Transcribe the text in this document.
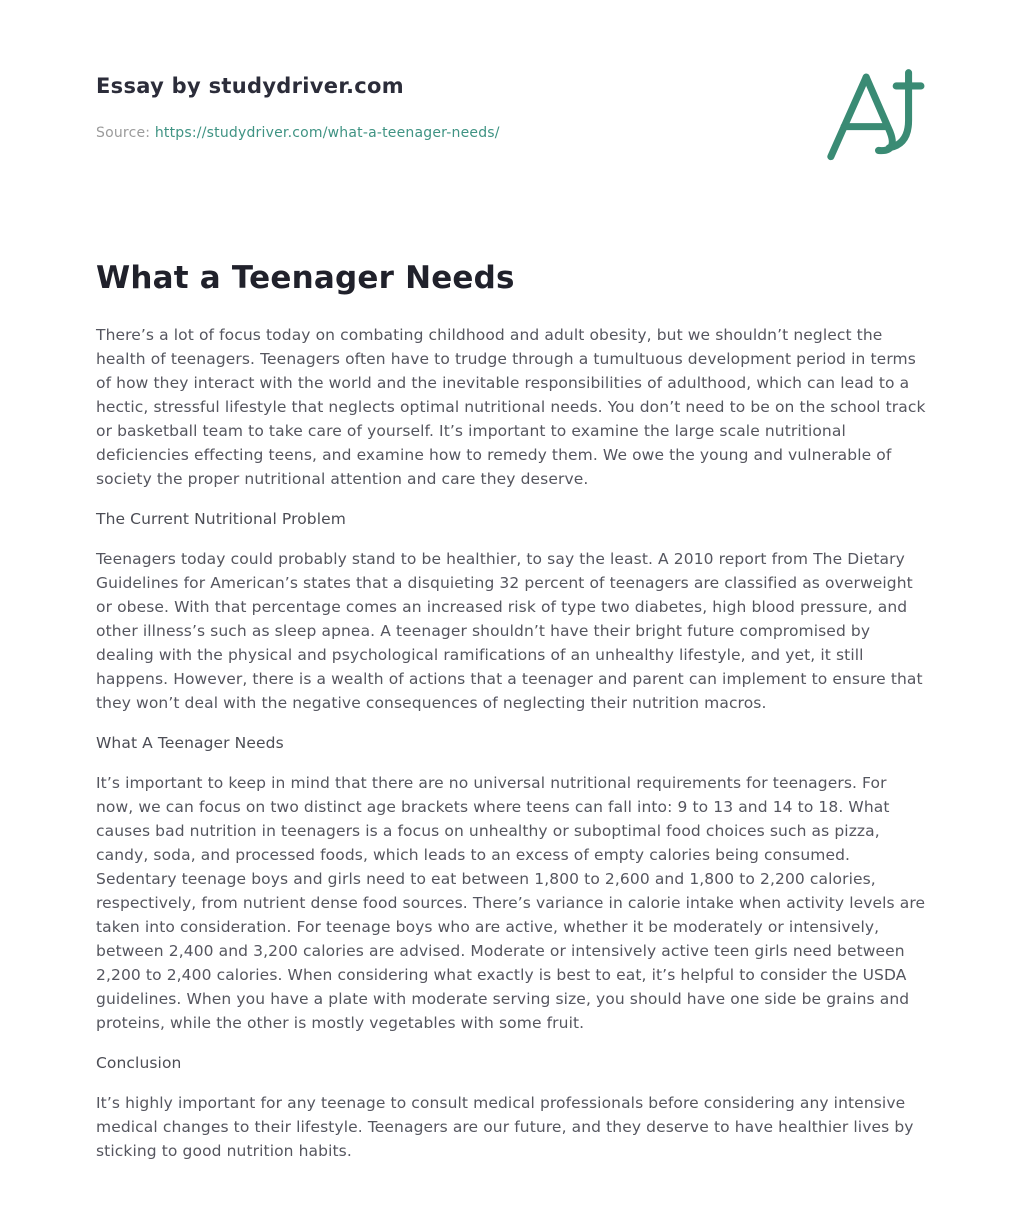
Essay by studydriver.com

Source: https://studydriver.com/what-a-teenager-needs/

What a Teenager Needs

There’s a lot of focus today on combating childhood and adult obesity, but we shouldn’t neglect the health of teenagers. Teenagers often have to trudge through a tumultuous development period in terms of how they interact with the world and the inevitable responsibilities of adulthood, which can lead to a hectic, stressful lifestyle that neglects optimal nutritional needs. You don’t need to be on the school track or basketball team to take care of yourself. It’s important to examine the large scale nutritional deficiencies effecting teens, and examine how to remedy them. We owe the young and vulnerable of society the proper nutritional attention and care they deserve.

The Current Nutritional Problem

Teenagers today could probably stand to be healthier, to say the least. A 2010 report from The Dietary Guidelines for American’s states that a disquieting 32 percent of teenagers are classified as overweight or obese. With that percentage comes an increased risk of type two diabetes, high blood pressure, and other illness’s such as sleep apnea. A teenager shouldn’t have their bright future compromised by dealing with the physical and psychological ramifications of an unhealthy lifestyle, and yet, it still happens. However, there is a wealth of actions that a teenager and parent can implement to ensure that they won’t deal with the negative consequences of neglecting their nutrition macros.

What A Teenager Needs

It’s important to keep in mind that there are no universal nutritional requirements for teenagers. For now, we can focus on two distinct age brackets where teens can fall into: 9 to 13 and 14 to 18. What causes bad nutrition in teenagers is a focus on unhealthy or suboptimal food choices such as pizza, candy, soda, and processed foods, which leads to an excess of empty calories being consumed. Sedentary teenage boys and girls need to eat between 1,800 to 2,600 and 1,800 to 2,200 calories, respectively, from nutrient dense food sources. There’s variance in calorie intake when activity levels are taken into consideration. For teenage boys who are active, whether it be moderately or intensively, between 2,400 and 3,200 calories are advised. Moderate or intensively active teen girls need between 2,200 to 2,400 calories. When considering what exactly is best to eat, it’s helpful to consider the USDA guidelines. When you have a plate with moderate serving size, you should have one side be grains and proteins, while the other is mostly vegetables with some fruit.

Conclusion

It’s highly important for any teenage to consult medical professionals before considering any intensive medical changes to their lifestyle. Teenagers are our future, and they deserve to have healthier lives by sticking to good nutrition habits.
